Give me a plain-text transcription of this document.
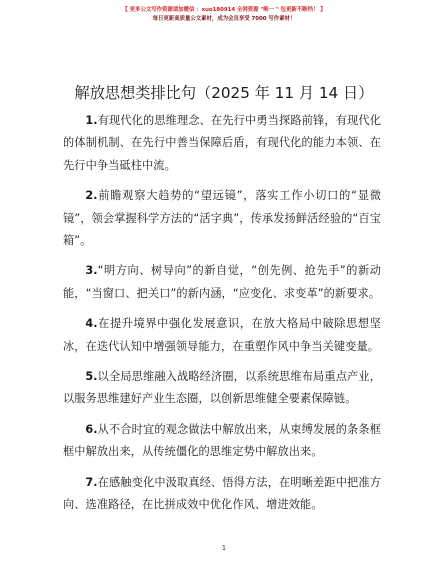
【 更多公文写作资源请加微信 ：xuo180914 全网资源 "唯一 " 包更新不断档！ 】
每日更新高质量公文素材，成为会员享受 7000 写作素材！
解放思想类排比句（2025 年 11 月 14 日）

1.有现代化的思维理念、在先行中勇当探路前锋，有现代化的体制机制、在先行中善当保障后盾，有现代化的能力本领、在先行中争当砥柱中流。

2.前瞻观察大趋势的“望远镜”，落实工作小切口的“显微镜”，领会掌握科学方法的“活字典”，传承发扬鲜活经验的“百宝箱”。

3.“明方向、树导向”的新自觉，“创先例、抢先手”的新动能，“当窗口、把关口”的新内涵，“应变化、求变革”的新要求。

4.在提升境界中强化发展意识，在放大格局中破除思想坚冰，在迭代认知中增强领导能力，在重塑作风中争当关键变量。

5.以全局思维融入战略经济圈，以系统思维布局重点产业，以服务思维建好产业生态圈，以创新思维健全要素保障链。

6.从不合时宜的观念做法中解放出来，从束缚发展的条条框框中解放出来，从传统僵化的思维定势中解放出来。

7.在感触变化中汲取真经、悟得方法，在明晰差距中把准方向、选准路径，在比拼成效中优化作风、增进效能。

1
